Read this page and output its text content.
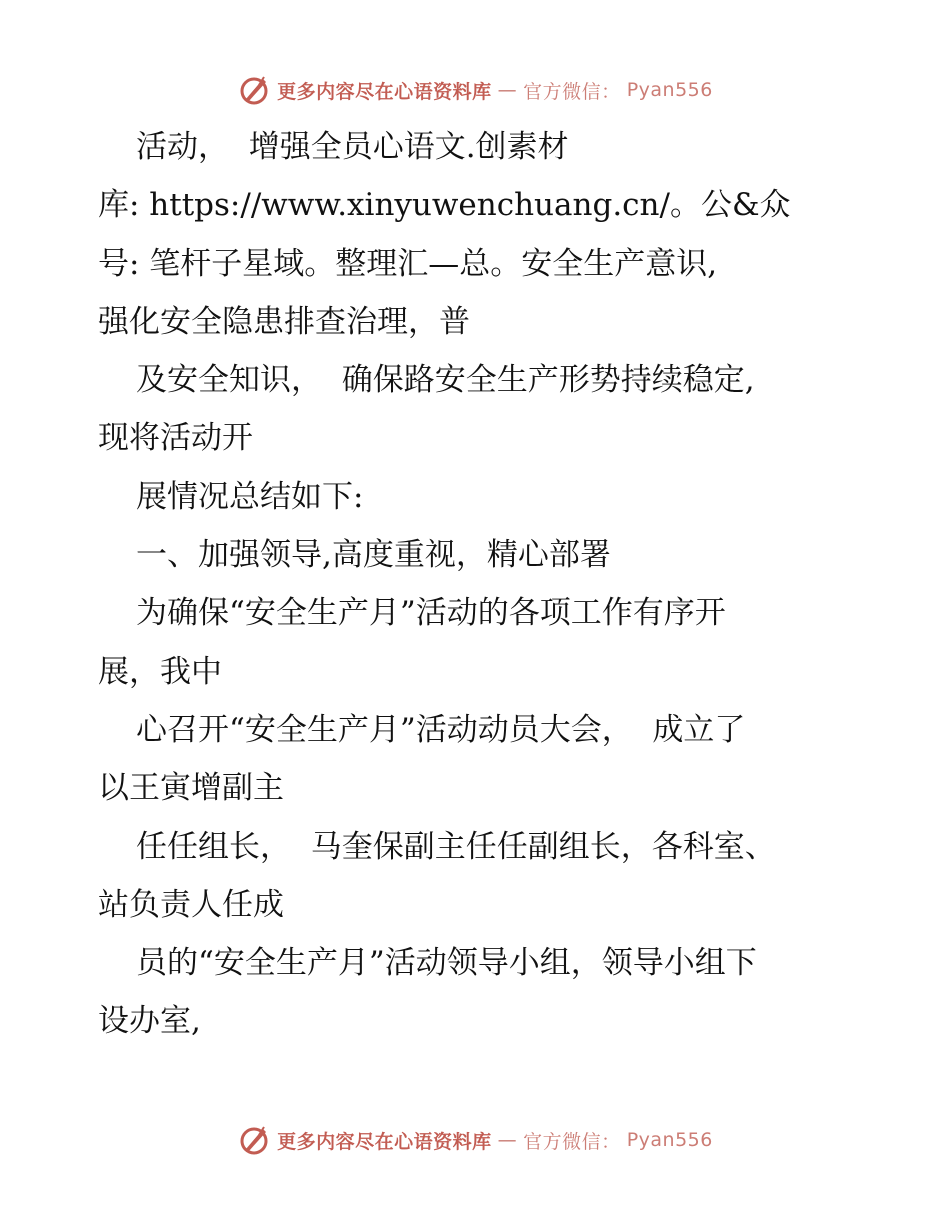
更多内容尽在心语资料库 — 官方微信： Pyan556
活动，  增强全员心语文.创素材
库: https://www.xinyuwenchuang.cn/。公&众
号: 笔杆子星域。整理汇—总。安全生产意识,
强化安全隐患排查治理，普
及安全知识，  确保路安全生产形势持续稳定,
现将活动开
展情况总结如下:
一、加强领导,高度重视，精心部署
为确保“安全生产月”活动的各项工作有序开
展，我中
心召开“安全生产月”活动动员大会，  成立了
以王寅增副主
任任组长，  马奎保副主任任副组长，各科室、
站负责人任成
员的“安全生产月”活动领导小组，领导小组下
设办室,
更多内容尽在心语资料库 — 官方微信： Pyan556
